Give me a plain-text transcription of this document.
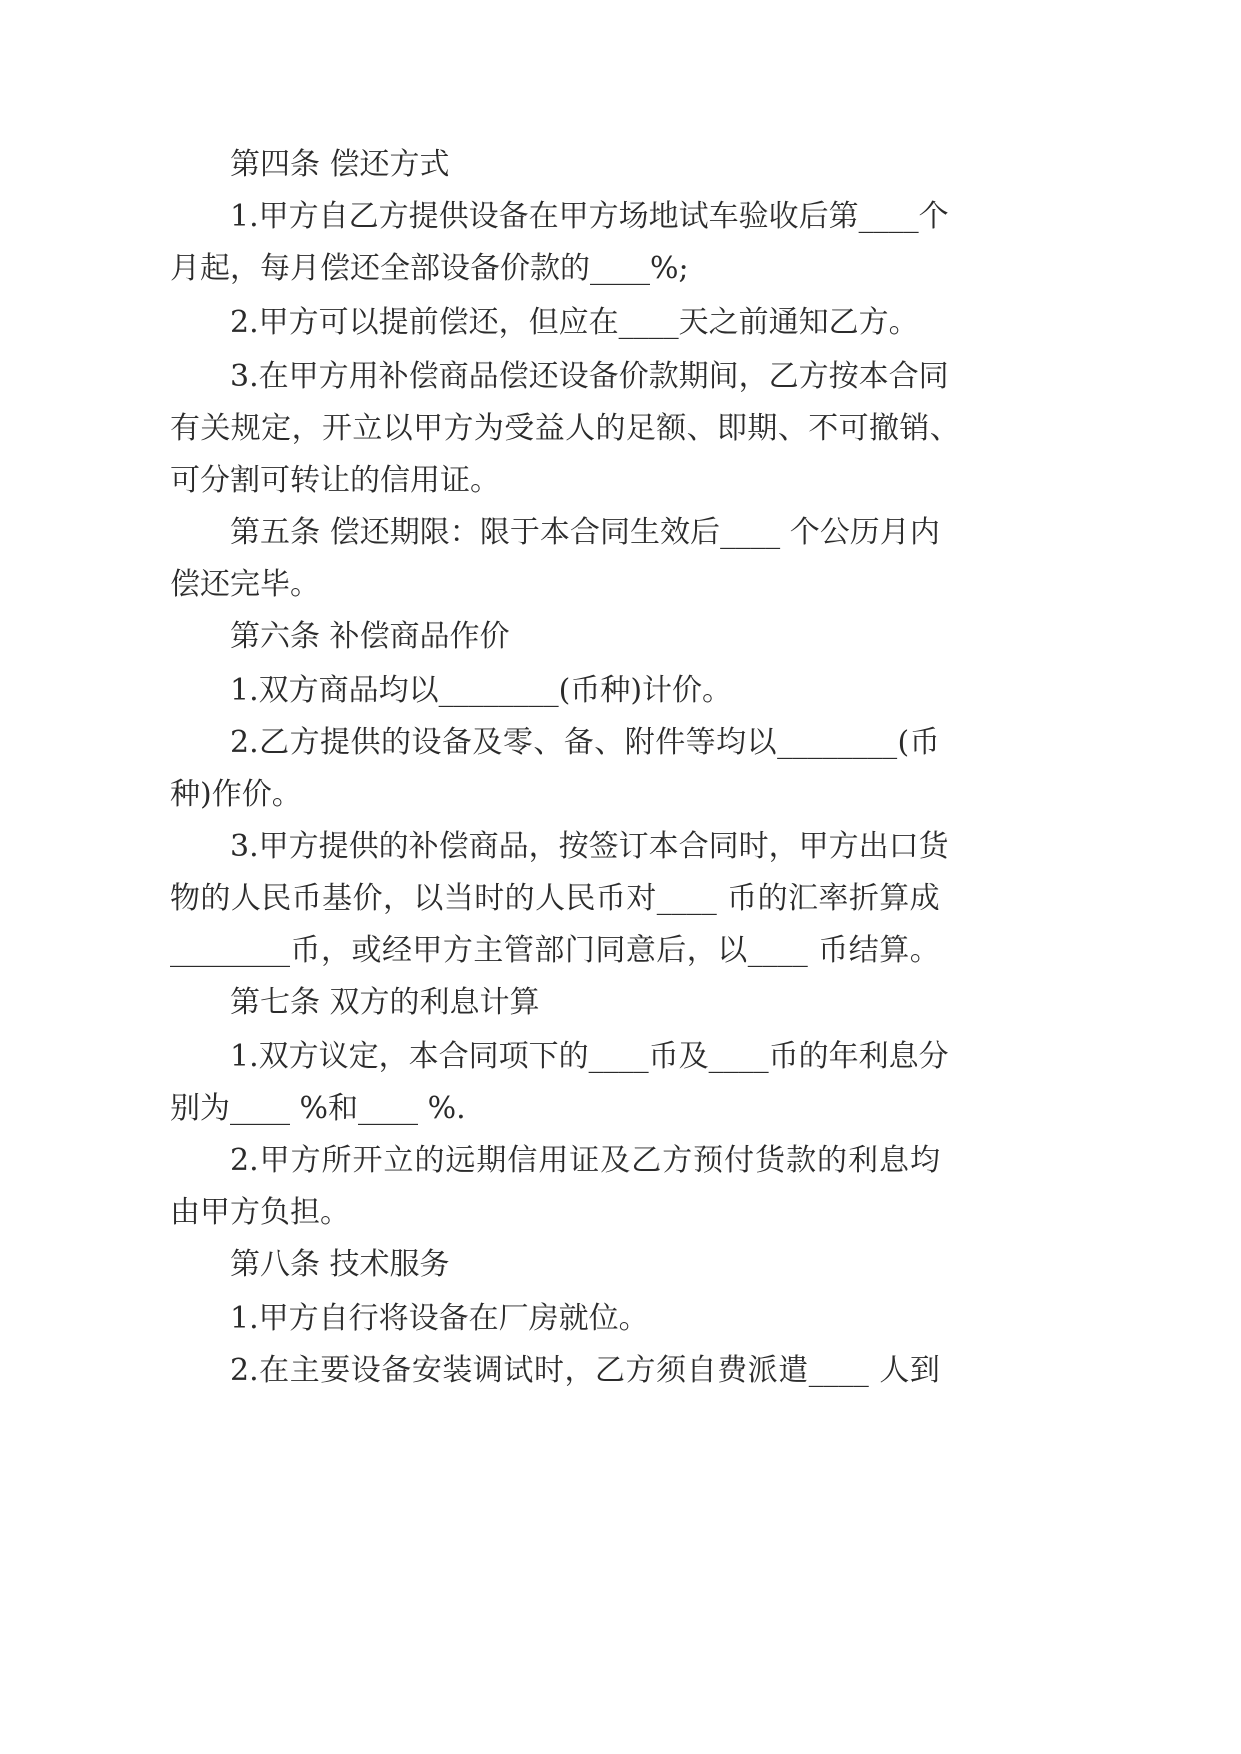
第四条 偿还方式
1. 甲 方 自 乙 方 提 供 设 备 在 甲 方 场 地 试 车 验 收 后 第 ____ 个
月起，每月偿还全部设备价款的____%;
2.甲方可以提前偿还，但应在____天之前通知乙方。
3. 在 甲 方 用 补 偿 商 品 偿 还 设 备 价 款 期 间 ， 乙 方 按 本 合 同
有 关 规 定 ， 开 立 以 甲 方 为 受 益 人 的 足 额 、 即 期 、 不 可 撤 销 、
可分割可转让的信用证。
第 五 条
偿 还 期 限 ： 限 于 本 合 同 生 效 后 ____
个 公 历 月 内
偿还完毕。
第六条 补偿商品作价
1.双方商品均以________(币种)计价。
2. 乙 方 提 供 的 设 备 及 零 、 备 、 附 件 等 均 以 ________ ( 币
种)作价。
3. 甲 方 提 供 的 补 偿 商 品 ， 按 签 订 本 合 同 时 ， 甲 方 出 口 货
物 的 人 民 币 基 价 ， 以 当 时 的 人 民 币 对 ____
币 的 汇 率 折 算 成
________ 币 ， 或 经 甲 方 主 管 部 门 同 意 后 ， 以 ____
币 结 算 。
第七条 双方的利息计算
1. 双 方 议 定 ， 本 合 同 项 下 的 ____ 币 及 ____ 币 的 年 利 息 分
别为____ %和____ %.
2. 甲 方 所 开 立 的 远 期 信 用 证 及 乙 方 预 付 货 款 的 利 息 均
由甲方负担。
第八条 技术服务
1.甲方自行将设备在厂房就位。
2. 在 主 要 设 备 安 装 调 试 时 ， 乙 方 须 自 费 派 遣 ____
人 到
